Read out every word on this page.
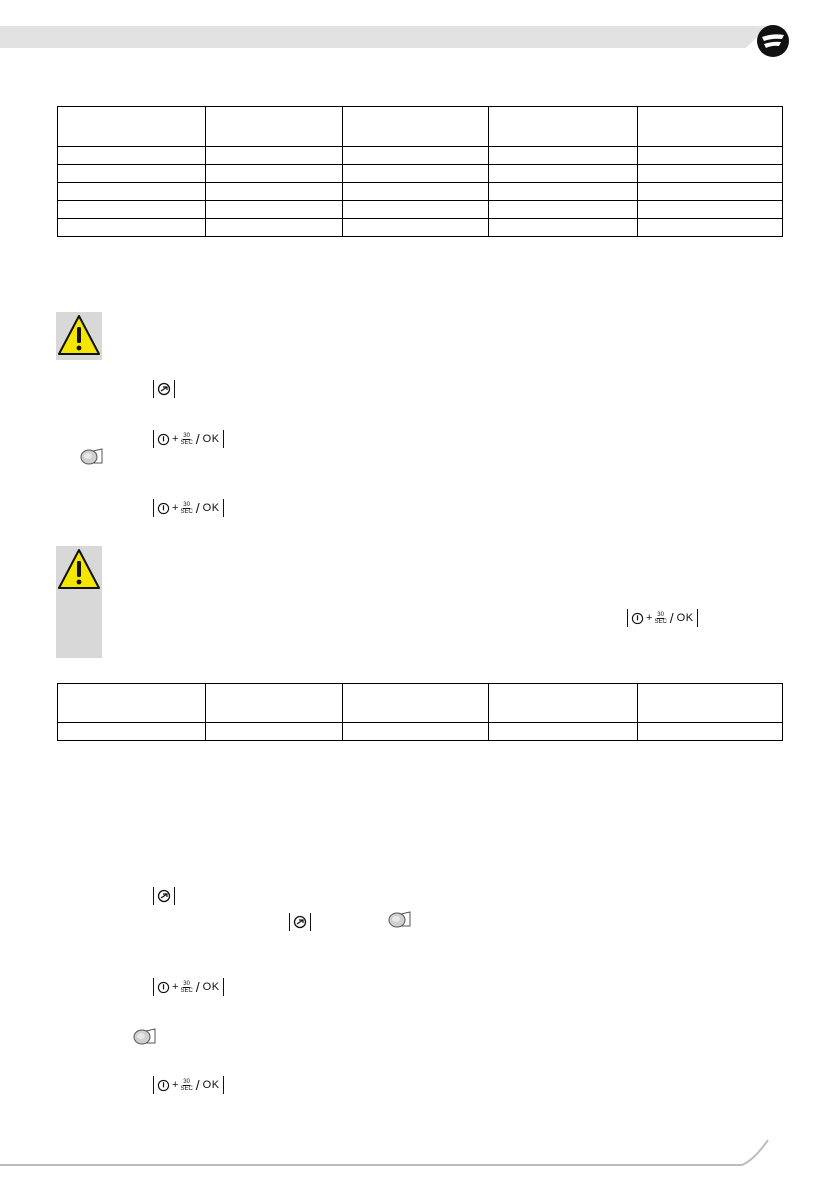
+ $\frac{30}{\text{SEC}}$ / OK
+ $\frac{30}{\text{SEC}}$ / OK
+ $\frac{30}{\text{SEC}}$ / OK

+ $\frac{30}{\text{SEC}}$ / OK
+ $\frac{30}{\text{SEC}}$ / OK
